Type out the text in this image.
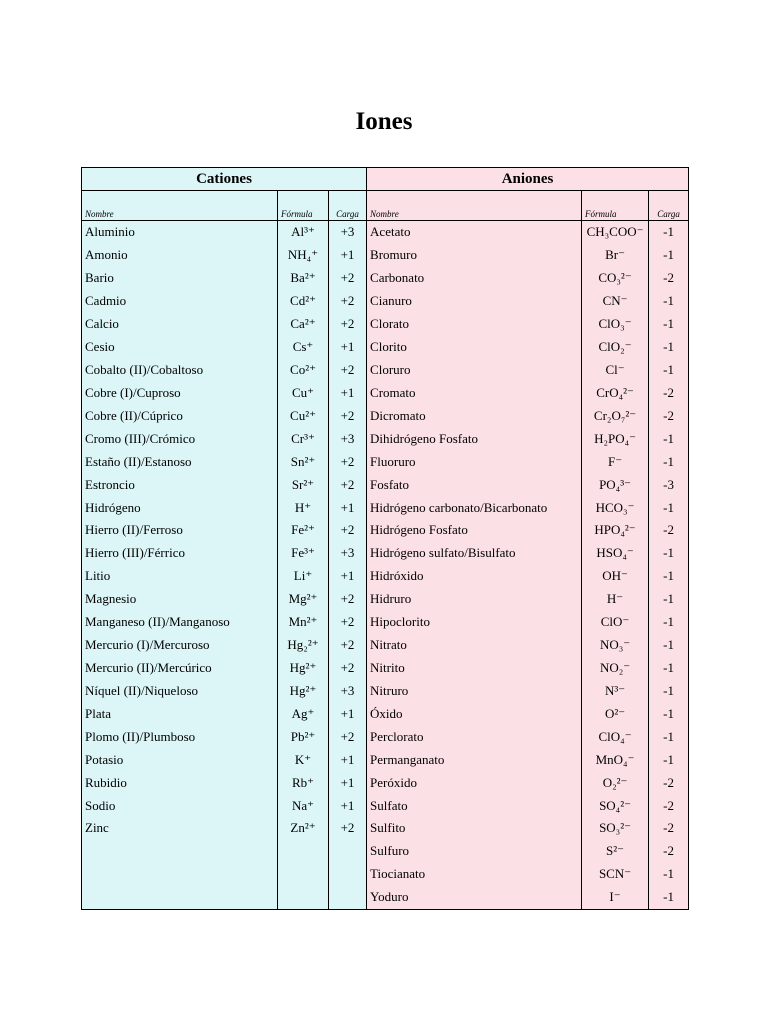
Iones
Cationes			Aniones		
Nombre	Fórmula	Carga	Nombre	Fórmula	Carga
Aluminio	Al³⁺	+3	Acetato	CH₃COO⁻	-1
Amonio	NH₄⁺	+1	Bromuro	Br⁻	-1
Bario	Ba²⁺	+2	Carbonato	CO₃²⁻	-2
Cadmio	Cd²⁺	+2	Cianuro	CN⁻	-1
Calcio	Ca²⁺	+2	Clorato	ClO₃⁻	-1
Cesio	Cs⁺	+1	Clorito	ClO₂⁻	-1
Cobalto (II)/Cobaltoso	Co²⁺	+2	Cloruro	Cl⁻	-1
Cobre (I)/Cuproso	Cu⁺	+1	Cromato	CrO₄²⁻	-2
Cobre (II)/Cúprico	Cu²⁺	+2	Dicromato	Cr₂O₇²⁻	-2
Cromo (III)/Crómico	Cr³⁺	+3	Dihidrógeno Fosfato	H₂PO₄⁻	-1
Estaño (II)/Estanoso	Sn²⁺	+2	Fluoruro	F⁻	-1
Estroncio	Sr²⁺	+2	Fosfato	PO₄³⁻	-3
Hidrógeno	H⁺	+1	Hidrógeno carbonato/Bicarbonato	HCO₃⁻	-1
Hierro (II)/Ferroso	Fe²⁺	+2	Hidrógeno Fosfato	HPO₄²⁻	-2
Hierro (III)/Férrico	Fe³⁺	+3	Hidrógeno sulfato/Bisulfato	HSO₄⁻	-1
Litio	Li⁺	+1	Hidróxido	OH⁻	-1
Magnesio	Mg²⁺	+2	Hidruro	H⁻	-1
Manganeso (II)/Manganoso	Mn²⁺	+2	Hipoclorito	ClO⁻	-1
Mercurio (I)/Mercuroso	Hg₂²⁺	+2	Nitrato	NO₃⁻	-1
Mercurio (II)/Mercúrico	Hg²⁺	+2	Nitrito	NO₂⁻	-1
Níquel (II)/Niqueloso	Hg²⁺	+3	Nitruro	N³⁻	-1
Plata	Ag⁺	+1	Óxido	O²⁻	-1
Plomo (II)/Plumboso	Pb²⁺	+2	Perclorato	ClO₄⁻	-1
Potasio	K⁺	+1	Permanganato	MnO₄⁻	-1
Rubidio	Rb⁺	+1	Peróxido	O₂²⁻	-2
Sodio	Na⁺	+1	Sulfato	SO₄²⁻	-2
Zinc	Zn²⁺	+2	Sulfito	SO₃²⁻	-2
			Sulfuro	S²⁻	-2
			Tiocianato	SCN⁻	-1
			Yoduro	I⁻	-1
